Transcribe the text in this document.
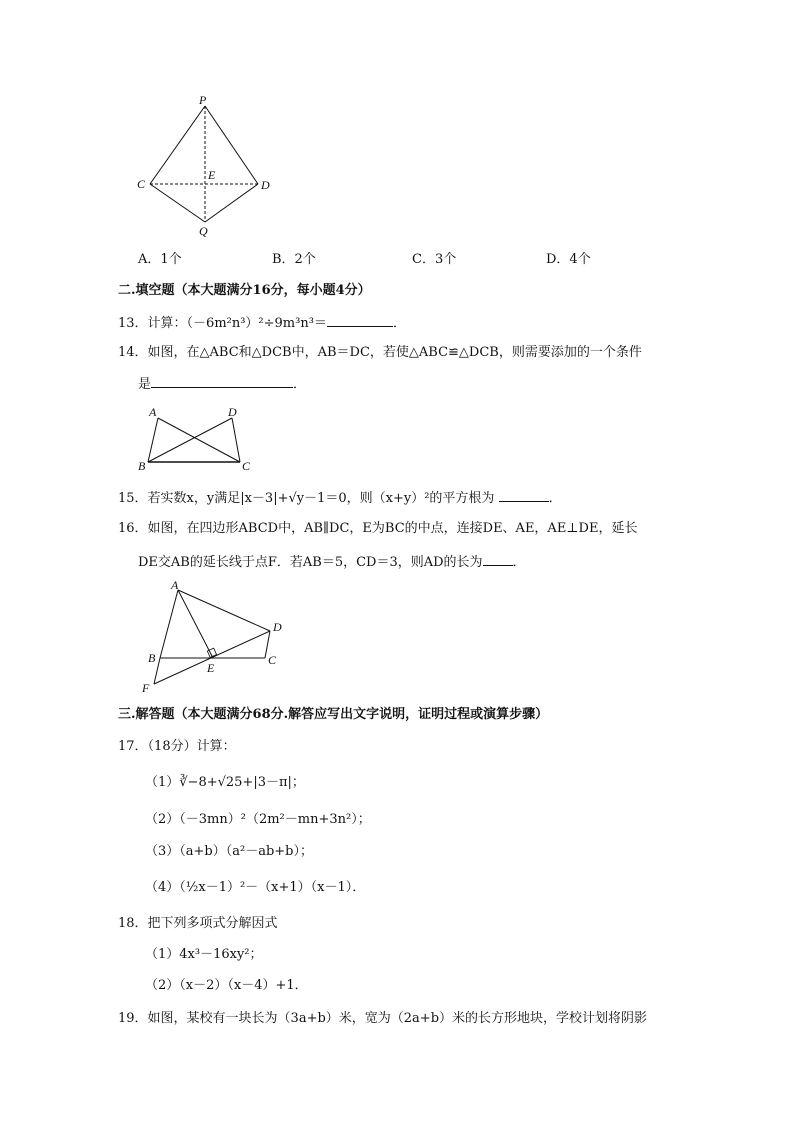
P
C
E
D
Q
A．1个	B．2个	C．3个	D．4个
二.填空题（本大题满分16分，每小题4分）
13．计算：（－6m²n³）²÷9m³n³＝	．
14．如图，在△ABC和△DCB中，AB＝DC，若使△ABC≌△DCB，则需要添加的一个条件
是	．
A	D
B	C
15．若实数x，y满足|x－3|+√y－1＝0，则（x+y）²的平方根为	．
16．如图，在四边形ABCD中，AB∥DC，E为BC的中点，连接DE、AE，AE⊥DE，延长
DE交AB的延长线于点F．若AB＝5，CD＝3，则AD的长为 ．
A
D
B
E
C
F
三.解答题（本大题满分68分.解答应写出文字说明，证明过程或演算步骤）
17．（18分）计算：
（1）∛−8+√25+|3－π|；
（2）（－3mn）²（2m²－mn+3n²）；
（3）（a+b）（a²－ab+b）；
（4）（½x－1）²－（x+1）（x－1）．
18．把下列多项式分解因式
（1）4x³－16xy²；
（2）（x－2）（x－4）+1．
19．如图，某校有一块长为（3a+b）米，宽为（2a+b）米的长方形地块，学校计划将阴影
